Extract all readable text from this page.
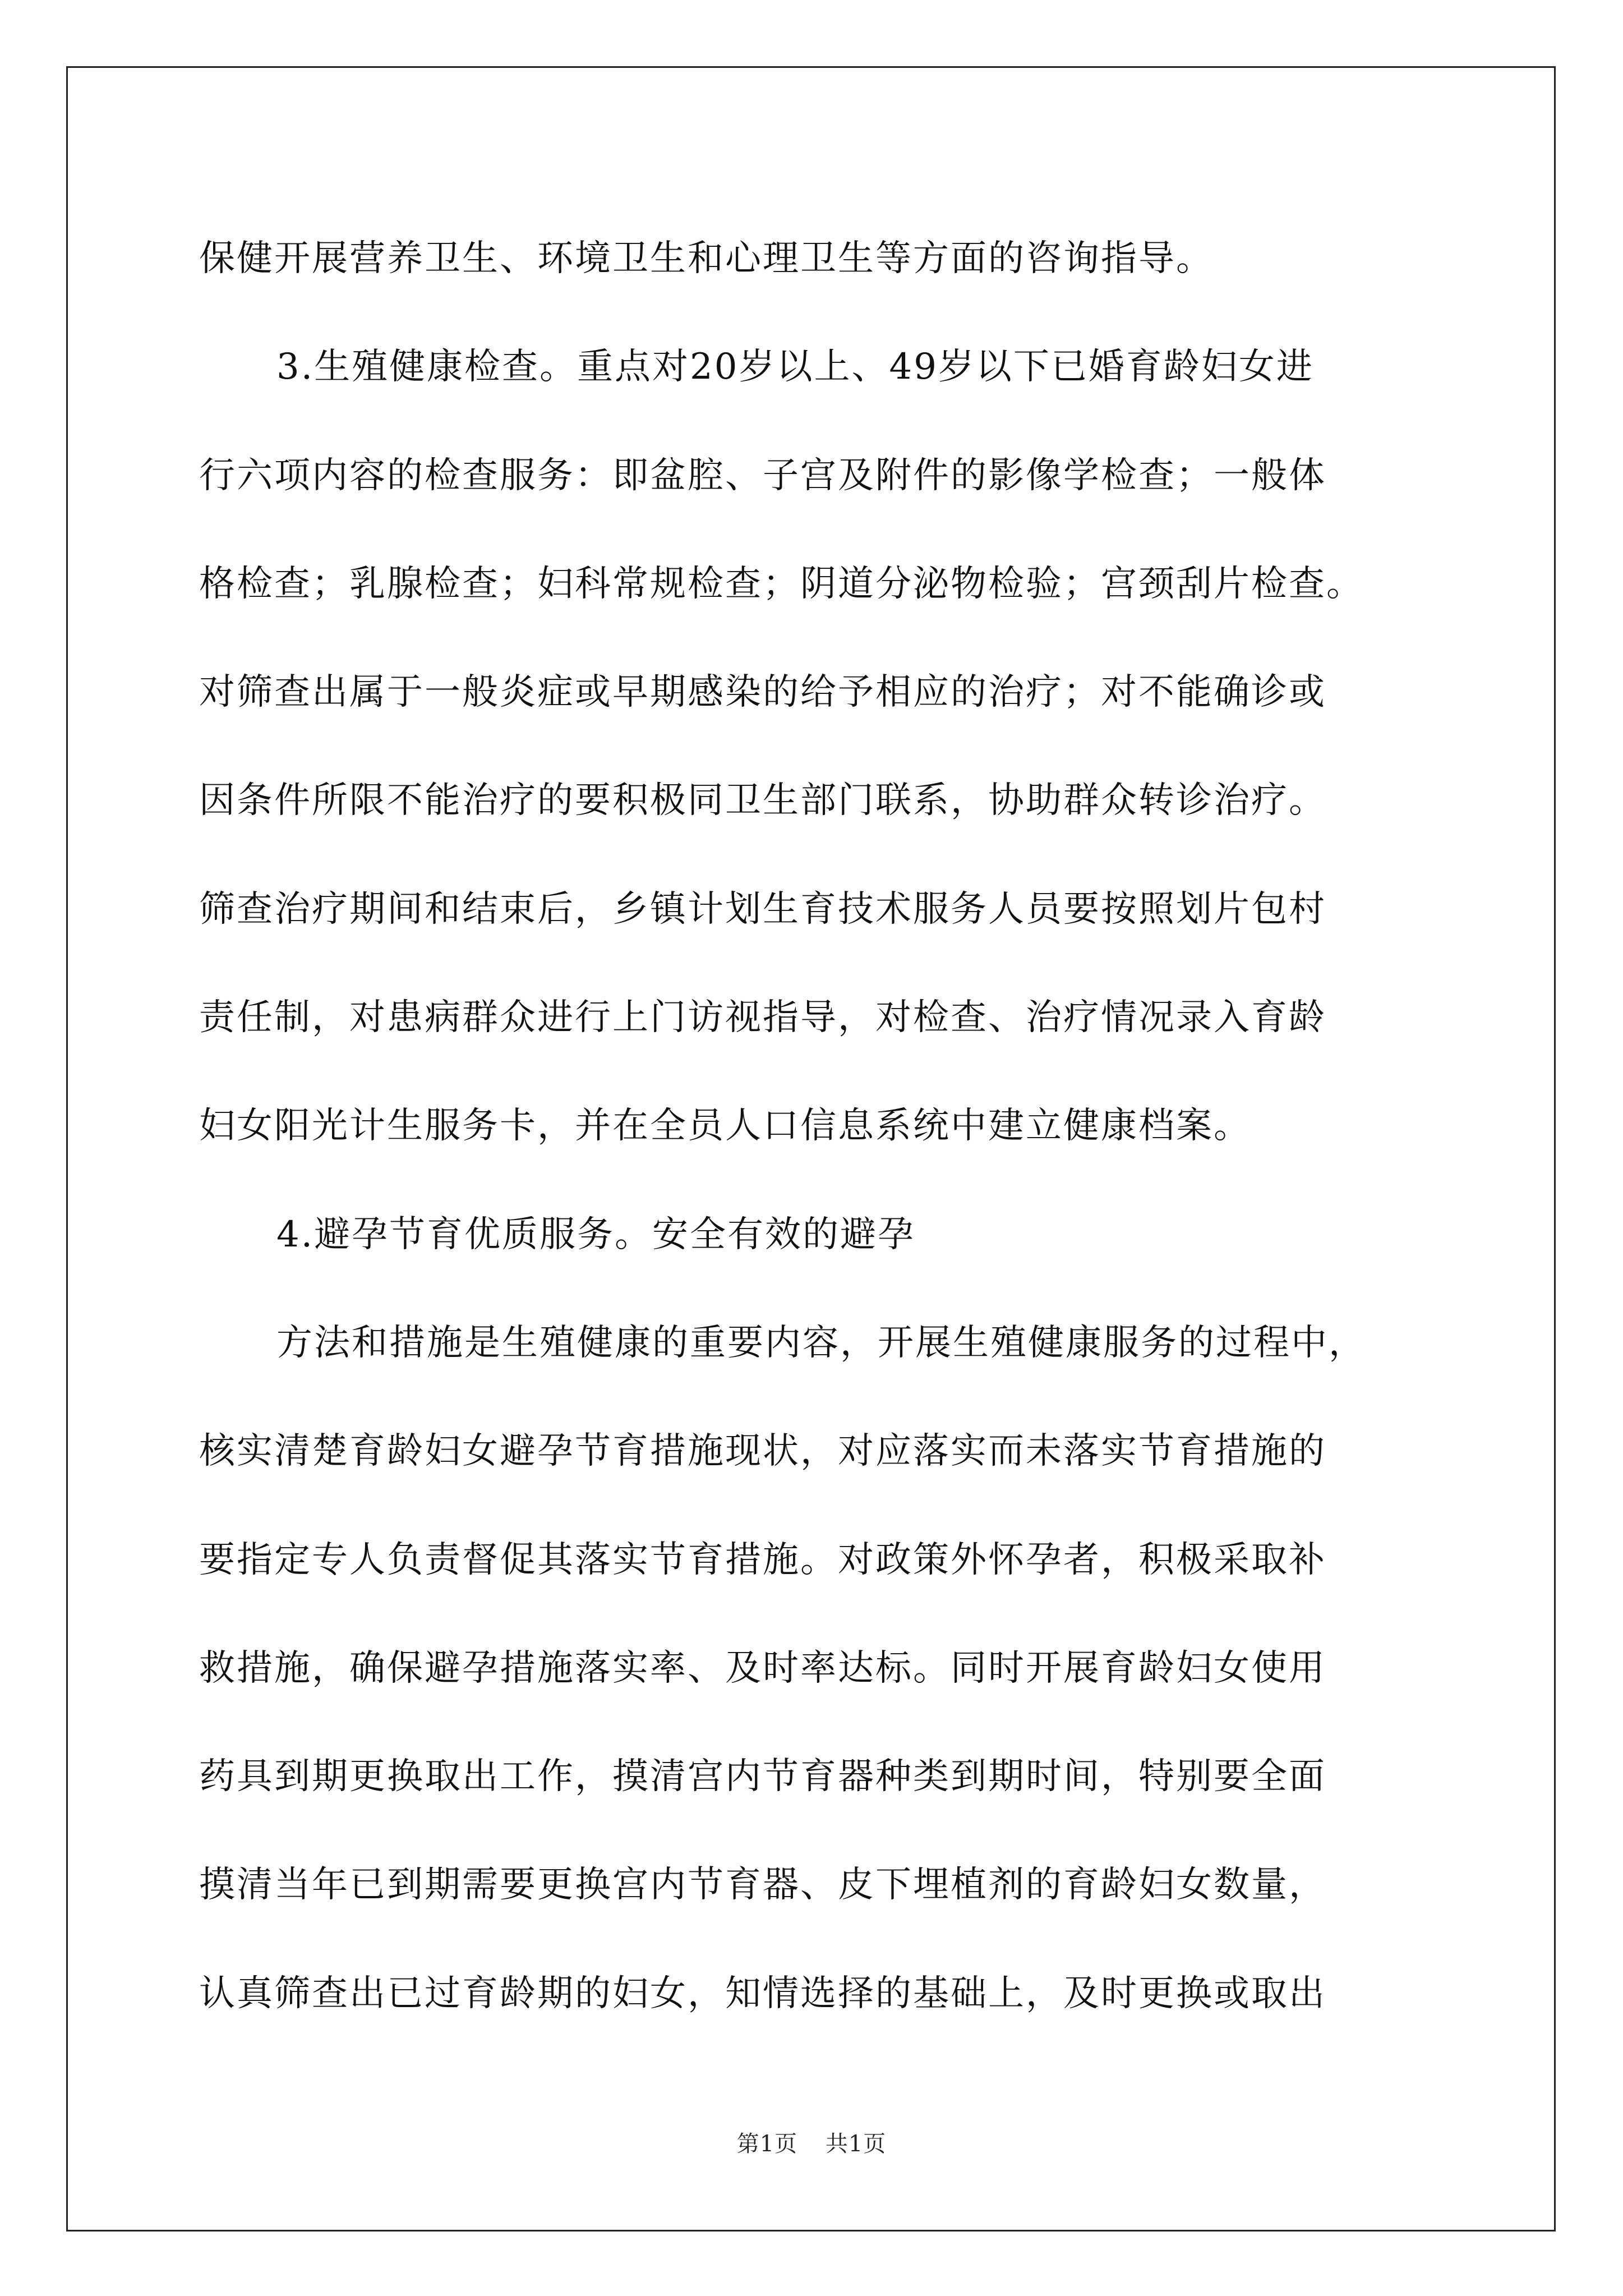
保健开展营养卫生、环境卫生和心理卫生等方面的咨询指导。
3.生殖健康检查。重点对20岁以上、49岁以下已婚育龄妇女进
行六项内容的检查服务：即盆腔、子宫及附件的影像学检查；一般体
格检查；乳腺检查；妇科常规检查；阴道分泌物检验；宫颈刮片检查。
对筛查出属于一般炎症或早期感染的给予相应的治疗；对不能确诊或
因条件所限不能治疗的要积极同卫生部门联系，协助群众转诊治疗。
筛查治疗期间和结束后，乡镇计划生育技术服务人员要按照划片包村
责任制，对患病群众进行上门访视指导，对检查、治疗情况录入育龄
妇女阳光计生服务卡，并在全员人口信息系统中建立健康档案。
4.避孕节育优质服务。安全有效的避孕
方法和措施是生殖健康的重要内容，开展生殖健康服务的过程中，
核实清楚育龄妇女避孕节育措施现状，对应落实而未落实节育措施的
要指定专人负责督促其落实节育措施。对政策外怀孕者，积极采取补
救措施，确保避孕措施落实率、及时率达标。同时开展育龄妇女使用
药具到期更换取出工作，摸清宫内节育器种类到期时间，特别要全面
摸清当年已到期需要更换宫内节育器、皮下埋植剂的育龄妇女数量，
认真筛查出已过育龄期的妇女，知情选择的基础上，及时更换或取出
第1页 共1页
